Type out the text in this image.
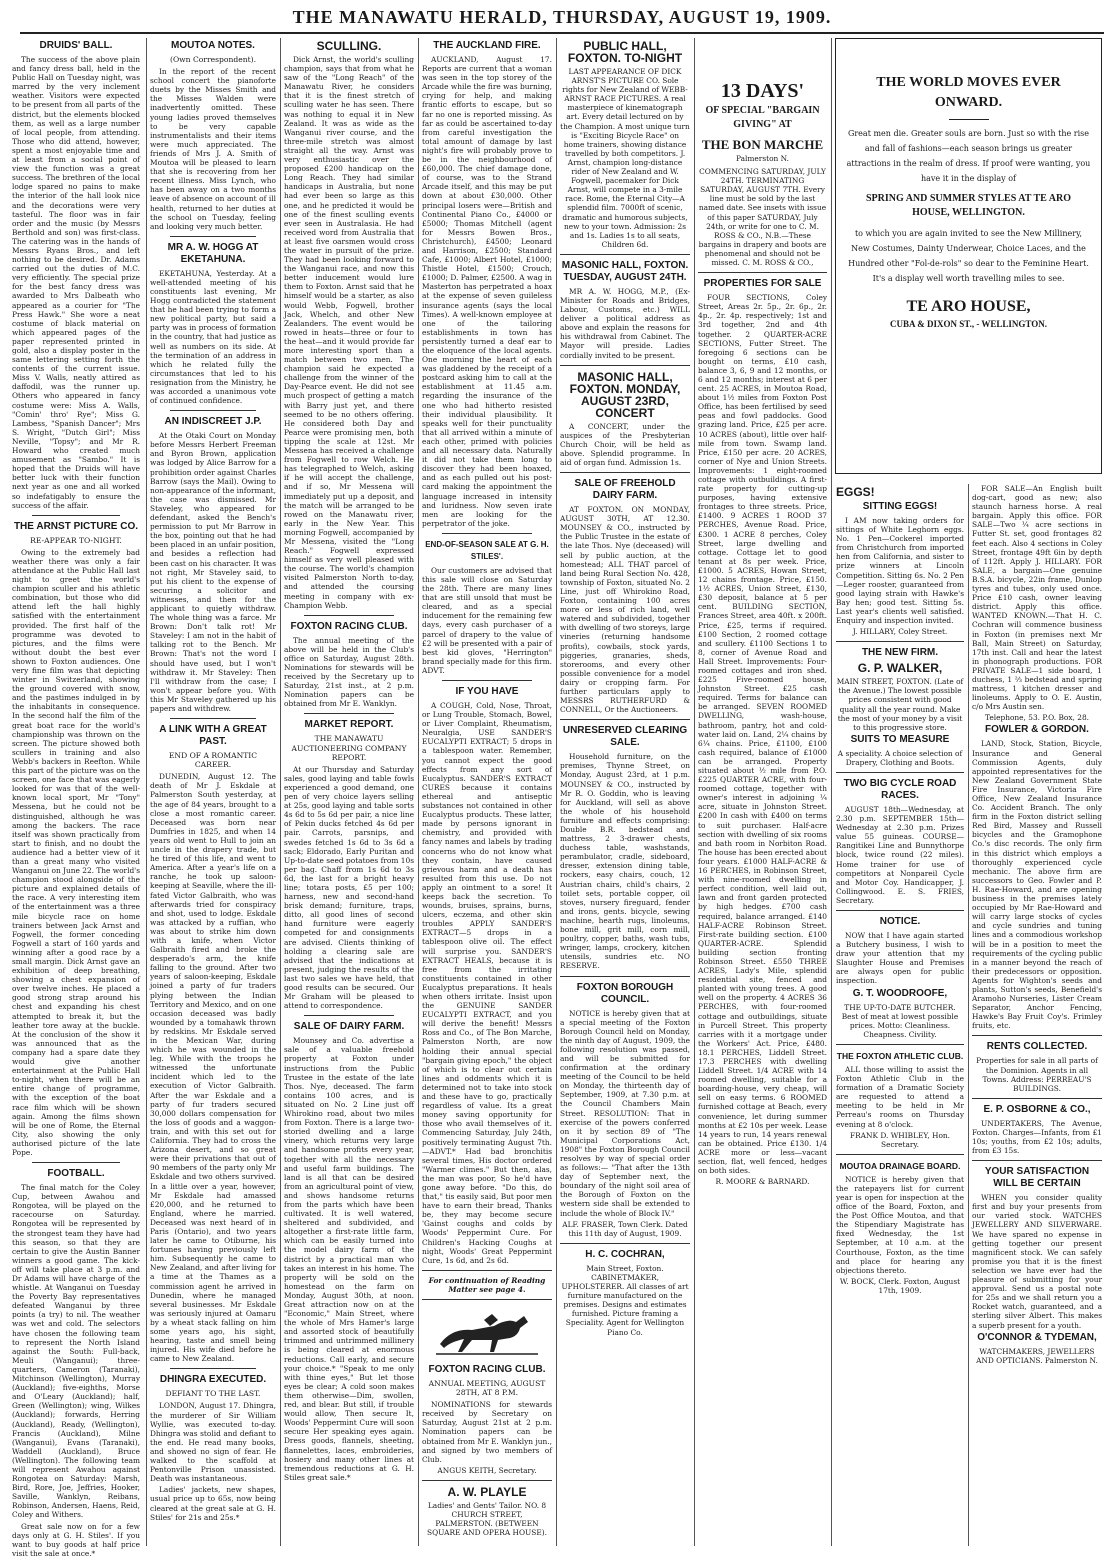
THE MANAWATU HERALD, THURSDAY, AUGUST 19, 1909.
DRUIDS' BALL.

The success of the above plain and fancy dress ball, held in the Public Hall on Tuesday night, was marred by the very inclement weather. Visitors were expected to be present from all parts of the district, but the elements blocked them, as well as a large number of local people, from attending. Those who did attend, however, spent a most enjoyable time and at least from a social point of view the function was a great success. The brethren of the local lodge spared no pains to make the interior of the hall look nice and the decorations were very tasteful. The floor was in fair order and the music (by Messrs Berthold and son) was first-class. The catering was in the hands of Messrs Ryans Bros., and left nothing to be desired. Dr. Adams carried out the duties of M.C. very efficiently. The special prize for the best fancy dress was awarded to Mrs Dalbeath who appeared as a courier for "The Press Hawk." She wore a neat costume of black material on which appeared pages of the paper represented printed in gold, also a display poster in the same lettering setting forth the contents of the current issue. Miss V. Walls, neatly attired as daffodil, was the runner up. Others who appeared in fancy costume were: Miss A. Walls, "Comin' thro' Rye"; Miss G. Lambess, "Spanish Dancer"; Mrs S. Wright, "Dutch Girl"; Miss Neville, "Topsy"; and Mr R. Howard who created much amusement as "Sambo." It is hoped that the Druids will have better luck with their function next year as one and all worked so indefatigably to ensure the success of the affair.

THE ARNST PICTURE CO.
RE-APPEAR TO-NIGHT.

Owing to the extremely bad weather there was only a fair attendance at the Public Hall last night to greet the world's champion sculler and his athletic combination, but those who did attend left the hall highly satisfied with the entertainment provided. The first half of the programme was devoted to pictures, and the films were without doubt the best ever shown to Foxton audiences. One very fine film was that depicting winter in Switzerland, showing the ground covered with snow, and the pastimes indulged in by the inhabitants in consequence. In the second half the film of the great boat race for the world's championship was thrown on the screen. The picture showed both scullers in training and also Webb's backers in Reefton. While this part of the picture was on the screen, one face that was eagerly looked for was that of the well-known local sport, Mr "Tony" Messena, but he could not be distinguished, although he was among the backers. The race itself was shown practically from start to finish, and no doubt the audience had a better view of it than a great many who visited Wanganui on June 22. The world's champion stood alongside of the picture and explained details of the race. A very interesting item of the entertainment was a three mile bicycle race on home trainers between Jack Arnst and Fogwell, the former conceding Fogwell a start of 160 yards and winning after a good race by a small margin. Dick Arnst gave an exhibition of deep breathing, showing a chest expansion of over twelve inches. He placed a good strong strap around his chest and expanding his chest attempted to break it, but the leather tore away at the buckle. At the conclusion of the show it was announced that as the company had a spare date they would give another entertainment at the Public Hall to-night, when there will be an entire change of programme, with the exception of the boat race film which will be shown again. Among the films shown will be one of Rome, the Eternal City, also showing the only authorised picture of the late Pope.

FOOTBALL.

The final match for the Coley Cup, between Awahou and Rongotea, will be played on the racecourse on Saturday. Rongotea will be represented by the strongest team they have had this season, so that they are certain to give the Austin Banner winners a good game. The kick-off will take place at 3 p.m. and Dr Adams will have charge of the whistle. At Wanganui on Tuesday the Poverty Bay representatives defeated Wanganui by three points (a try) to nil. The weather was wet and cold. The selectors have chosen the following team to represent the North Island against the South: Full-back, Meuli (Wanganui); three-quarters, Cameron (Taranaki), Mitchinson (Wellington), Murray (Auckland); five-eighths, Morse and O'Leary (Auckland); half, Green (Wellington); wing, Wilkes (Auckland); forwards, Herring (Auckland), Ready, (Wellington), Francis (Auckland), Milne (Wanganui), Evans (Taranaki), Waddell (Auckland), Bruce (Wellington). The following team will represent Awahou against Rongotea on Saturday: Marsh, Bird, Rore, Joe, Jeffries, Hooker, Saville, Wanklyn, Reibans, Robinson, Andersen, Haens, Reid, Coley and Withers.

Great sale now on for a few days only at G. H. Stiles'. If you want to buy goods at half price visit the sale at once.*

MOUTOA NOTES.
(Own Correspondent).

In the report of the recent school concert the pianoforte duets by the Misses Smith and the Misses Walden were inadvertently omitted. These young ladies proved themselves to be very capable instrumentalists and their items were much appreciated. The friends of Mrs J. A. Smith of Moutoa will be pleased to learn that she is recovering from her recent illness. Miss Lynch, who has been away on a two months leave of absence on account of ill health, returned to her duties at the school on Tuesday, feeling and looking very much better.

MR A. W. HOGG AT EKETAHUNA.

EKETAHUNA, Yesterday. At a well-attended meeting of his constituents last evening, Mr Hogg contradicted the statement that he had been trying to form a new political party, but said a party was in process of formation in the country, that had justice as well as numbers on its side. At the termination of an address in which he related fully the circumstances that led to his resignation from the Ministry, he was accorded a unanimous vote of continued confidence.

AN INDISCREET J.P.

At the Otaki Court on Monday before Messrs Herbert Freeman and Byron Brown, application was lodged by Alice Barrow for a prohibition order against Charles Barrow (says the Mail). Owing to non-appearance of the informant, the case was dismissed. Mr Staveley, who appeared for defendant, asked the Bench's permission to put Mr Barrow in the box, pointing out that he had been placed in an unfair position, and besides a reflection had been cast on his character. It was not right, Mr Staveley said, to put his client to the expense of securing a solicitor and witnesses, and then for the applicant to quietly withdraw. The whole thing was a farce. Mr Brown: Don't talk rot! Mr Staveley: I am not in the habit of talking rot to the Bench. Mr Brown: That's not the word I should have used, but I won't withdraw it. Mr Staveley: Then I'll withdraw from the case; I won't appear before you. With this Mr Staveley gathered up his papers and withdrew.

A LINK WITH A GREAT PAST.
END OF A ROMANTIC CAREER.

DUNEDIN, August 12. The death of Mr J. Eskdale at Palmerston South yesterday, at the age of 84 years, brought to a close a most romantic career. Deceased was born near Dumfries in 1825, and when 14 years old went to Hull to join an uncle in the drapery trade, but he tired of this life, and went to America. After a year's life on a ranche, he took up saloon-keeping at Seaville, where the ill-fated Victor Galbraith, who was afterwards tried for conspiracy and shot, used to lodge. Eskdale was attacked by a ruffian, who was about to strike him down with a knife, when Victor Galbraith fired and broke the desperado's arm, the knife falling to the ground. After two years of saloon-keeping, Eskdale joined a party of fur traders plying between the Indian Territory and Mexico, and on one occasion deceased was badly wounded by a tomahawk thrown by redskins. Mr Eskdale served in the Mexican War, during which he was wounded in the leg. While with the troops he witnessed the unfortunate incident which led to the execution of Victor Galbraith. After the war Eskdale and a party of fur traders secured 30,000 dollars compensation for the loss of goods and a waggon-train, and with this set out for California. They had to cross the Arizona desert, and so great were their privations that out of 90 members of the party only Mr Eskdale and two others survived. In a little over a year, however, Mr Eskdale had amassed £20,000, and he returned to England, where he married. Deceased was next heard of in Paris (Ontario), and two years later he came to Otiburne, his fortunes having previously left him. Subsequently he came to New Zealand, and after living for a time at the Thames as a commission agent he arrived in Dunedin, where he managed several businesses. Mr Eskdale was seriously injured at Oamaru by a wheat stack falling on him some years ago, his sight, hearing, taste and smell being injured. His wife died before he came to New Zealand.

DHINGRA EXECUTED.
DEFIANT TO THE LAST.

LONDON, August 17. Dhingra, the murderer of Sir William Wyllie, was executed to-day. Dhingra was stolid and defiant to the end. He read many books, and showed no sign of fear. He walked to the scaffold at Pentonville Prison unassisted. Death was instantaneous.

Ladies' jackets, new shapes, usual price up to 65s, now being cleared at the great sale at G. H. Stiles' for 21s and 25s.*

SCULLING.

Dick Arnst, the world's sculling champion, says that from what he saw of the "Long Reach" of the Manawatu River, he considers that it is the finest stretch of sculling water he has seen. There was nothing to equal it in New Zealand. It was as wide as the Wanganui river course, and the three-mile stretch was almost straight all the way. Arnst was very enthusiastic over the proposed £200 handicap on the Long Reach. They had similar handicaps in Australia, but none had ever been so large as this one, and he predicted it would be one of the finest sculling events ever seen in Australasia. He had received word from Australia that at least five oarsmen would cross the water in pursuit of the prize. They had been looking forward to the Wanganui race, and now this better inducement would lure them to Foxton. Arnst said that he himself would be a starter, as also would Webb, Fogwell, brother Jack, Whelch, and other New Zealanders. The event would be rowed in heats—three or four to the heat—and it would provide far more interesting sport than a match between two men. The champion said he expected a challenge from the winner of the Day-Pearce event. He did not see much prospect of getting a match with Barry just yet, and there seemed to be no others offering. He considered both Day and Pearce were promising men, both tipping the scale at 12st. Mr Messena has received a challenge from Fogwell to row Welch. He has telegraphed to Welch, asking if he will accept the challenge, and if so, Mr Messena will immediately put up a deposit, and the match will be arranged to be rowed on the Manawatu river, early in the New Year. This morning Fogwell, accompanied by Mr Messena, visited the "Long Reach." Fogwell expressed himself as very well pleased with the course. The world's champion visited Palmerston North to-day, and attended the coursing meeting in company with ex-Champion Webb.

FOXTON RACING CLUB.

The annual meeting of the above will be held in the Club's office on Saturday, August 28th. Nominations for stewards will be received by the Secretary up to Saturday, 21st inst., at 2 p.m. Nomination papers can be obtained from Mr E. Wanklyn.

MARKET REPORT.
THE MANAWATU AUCTIONEERING COMPANY REPORT.

At our Thursday and Saturday sales, good laying and table fowls experienced a good demand, one pen of very choice layers selling at 25s, good laying and table sorts 4s 6d to 5s 6d per pair, a nice line of Pekin ducks fetched 4s 6d per pair. Carrots, parsnips, and swedes fetched 1s 6d to 3s 6d a sack; Eldorado, Early Puritan and Up-to-date seed potatoes from 10s per bag. Chaff from 1s 6d to 3s 6d, the last for a bright heavy line; totara posts, £5 per 100; harness, new and second-hand brisk demand; furniture, traps, ditto, all good lines of second hand furniture were eagerly competed for and consignments are advised. Clients thinking of holding a clearing sale are advised that the indications at present, judging the results of the last two sales we have held, that good results can be secured. Our Mr Graham will be pleased to attend to correspondence.

SALE OF DAIRY FARM.

Mounsey and Co. advertise a sale of a valuable freehold property at Foxton under instructions from the Public Trustee in the estate of the late Thos. Nye, deceased. The farm contains 100 acres, and is situated on No. 2 Line just off Whirokino road, about two miles from Foxton. There is a large two-storied dwelling and a large vinery, which returns very large and handsome profits every year, together with all the necessary and useful farm buildings. The land is all that can be desired from an agricultural point of view, and shows handsome returns from the parts which have been cultivated. It is well watered, sheltered and subdivided, and altogether a first-rate little farm, which can be easily turned into the model dairy farm of the district by a practical man who takes an interest in his home. The property will be sold on the homestead on the farm on Monday, August 30th, at noon. Great attraction now on at the "Economic," Main Street, where the whole of Mrs Hamer's large and assorted stock of beautifully trimmed and untrimmed millinery is being cleared at enormous reductions. Call early, and secure your choice.* "Speak to me only with thine eyes," But let those eyes be clear; A cold soon makes them otherwise—Dim, swollen, red, and blear. But still, if trouble would allow, Then secure It, Woods' Peppermint Cure will soon secure Her speaking eyes again. Dress goods, flannels, sheeting, flannelettes, laces, embroideries, hosiery and many other lines at tremendous reductions at G. H. Stiles great sale.*

THE AUCKLAND FIRE.

AUCKLAND, August 17. Reports are current that a woman was seen in the top storey of the Arcade while the fire was burning, crying for help, and making frantic efforts to escape, but so far no one is reported missing. As far as could be ascertained to-day from careful investigation the total amount of damage by last night's fire will probably prove to be in the neighbourhood of £60,000. The chief damage done, of course, was to the Strand Arcade itself, and this may be put down at about £30,000. Other principal losers were—British and Continental Piano Co., £4000 or £5000; Thomas Mitchell (agent for Messrs Bowen Bros., Christchurch), £4500; Leonard and Harrison, £2500; Standard Cafe, £1000; Albert Hotel, £1000; Thistle Hotel, £1500; Crouch, £1000; D. Palmer, £2500. A wag in Masterton has perpetrated a hoax at the expense of seven guileless insurance agents (says the local Times). A well-known employee at one of the tailoring establishments in town has persistently turned a deaf ear to the eloquence of the local agents. One morning the heart of each was gladdened by the receipt of a postcard asking him to call at the establishment at 11.45 a.m. regarding the insurance of the one who had hitherto resisted their individual plausibility. It speaks well for their punctuality that all arrived within a minute of each other, primed with policies and all necessary data. Naturally it did not take them long to discover they had been hoaxed, and as each pulled out his post-card making the appointment the language increased in intensity and luridness. Now seven irate men are looking for the perpetrator of the joke.

END-OF-SEASON SALE AT G. H. STILES'.

Our customers are advised that this sale will close on Saturday the 28th. There are many lines that are still unsold that must be cleared, and as a special inducement for the remaining few days, every cash purchaser of a parcel of drapery to the value of £2 will be presented with a pair of best kid gloves, "Herrington" brand specially made for this firm. ADVT.

IF YOU HAVE

A COUGH, Cold, Nose, Throat, or Lung Trouble, Stomach, Bowel, or Liver Complaint, Rheumatism, Neuralgia, USE SANDER'S EUCALYPTI EXTRACT; 5 drops in a tablespoon water. Remember, you cannot expect the good effects from any sort of Eucalyptus. SANDER'S EXTRACT CURES because it contains ethereal and antiseptic substances not contained in other Eucalyptus products. These latter, made by persons ignorant in chemistry, and provided with fancy names and labels by trading concerns who do not know what they contain, have caused grievous harm and a death has resulted from this use. Do not apply an ointment to a sore! It keeps back the secretion. To wounds, bruises, sprains, burns, ulcers, eczema, and other skin troubles APPLY SANDER'S EXTRACT—5 drops in a tablespoon olive oil. The effect will surprise you. SANDER'S EXTRACT HEALS, because it is free from the irritating constituents contained in other Eucalyptus preparations. It heals when others irritate. Insist upon the GENUINE SANDER EUCALYPTI EXTRACT, and you will derive the benefit! Messrs Ross and Co., of The Bon Marche, Palmerston North, are now holding their annual special "bargain giving epoch," the object of which is to clear out certain lines and oddments which it is determined not to take into stock and these have to go, practically regardless of value. Its a great money saving opportunity for those who avail themselves of it. Commencing Saturday, July 24th, positively terminating August 7th.—ADVT.* Had bad bronchitis several times, His doctor ordered "Warmer climes." But then, alas, the man was poor, So he'd have gone away before. "Do this, do that," tis easily said, But poor men have to earn their bread, Thanks be, they may become secure 'Gainst coughs and colds by Woods' Peppermint Cure. For Children's Hacking Coughs at night, Woods' Great Peppermint Cure, 1s 6d, and 2s 6d.

For continuation of Reading Matter see page 4.
FOXTON RACING CLUB.
ANNUAL MEETING, AUGUST 28TH, AT 8 P.M.

NOMINATIONS for stewards received by Secretary on Saturday, August 21st at 2 p.m. Nomination papers can be obtained from Mr E. Wanklyn jun., and signed by two members of Club.

ANGUS KEITH, Secretary.
A. W. PLAYLE
Ladies' and Gents' Tailor. NO. 8 CHURCH STREET, PALMERSTON. (BETWEEN SQUARE AND OPERA HOUSE).
PUBLIC HALL, FOXTON. TO-NIGHT

LAST APPEARANCE OF DICK ARNST'S PICTURE CO. Sole rights for New Zealand of WEBB-ARNST RACE PICTURES. A real masterpiece of kinematograph art. Every detail lectured on by the Champion. A most unique turn is "Exciting Bicycle Race" on home trainers, showing distance travelled by both competitors. J. Arnst, champion long-distance rider of New Zealand and W. Fogwell, pacemaker for Dick Arnst, will compete in a 3-mile race. Rome, the Eternal City—A splendid film. 7000ft of scenic, dramatic and humorous subjects, new to your town. Admission: 2s and 1s. Ladies 1s to all seats, Children 6d.

MASONIC HALL, FOXTON. TUESDAY, AUGUST 24TH.

MR A. W. HOGG, M.P., (Ex-Minister for Roads and Bridges, Labour, Customs, etc.) WILL deliver a political address as above and explain the reasons for his withdrawal from Cabinet. The Mayor will preside. Ladies cordially invited to be present.

MASONIC HALL, FOXTON. MONDAY, AUGUST 23RD, CONCERT

A CONCERT, under the auspices of the Presbyterian Church Choir, will be held as above. Splendid programme. In aid of organ fund. Admission 1s.

SALE OF FREEHOLD DAIRY FARM.

AT FOXTON. ON MONDAY, AUGUST 30TH, AT 12.30. MOUNSEY & CO., instructed by the Public Trustee in the estate of the late Thos. Nye (deceased) will sell by public auction, at the homestead; ALL THAT parcel of land being Rural Section No. 428, township of Foxton, situated No. 2 Line, just off Whirokino Road, Foxton, containing 100 acres more or less of rich land, well watered and subdivided, together with dwelling of two storeys, large vineries (returning handsome profits), cowbails, stock yards, piggeries, granaries, sheds, storerooms, and every other possible convenience for a model dairy or cropping farm. For further particulars apply to MESSRS RUTHERFURD & CONNELL, Or the Auctioneers.

UNRESERVED CLEARING SALE.

Household furniture, on the premises, Thynne Street, on Monday, August 23rd, at 1 p.m. MOUNSEY & CO., instructed by Mr R. O. Goddin, who is leaving for Auckland, will sell as above the whole of his household furniture and effects comprising: Double B.R. bedstead and mattress, 2 3-drawer chests, duchess table, washstands, perambulator, cradle, sideboard, dresser, extension dining table, rockers, easy chairs, couch, 12 Austrian chairs, child's chairs, 2 toilet sets, portable copper, oil stoves, nursery fireguard, fender and irons, gents. bicycle, sewing machine, hearth rugs, linoleums, bone mill, grit mill, corn mill, poultry, copper, baths, wash tubs, wringer, lamps, crockery, kitchen utensils, sundries etc. NO RESERVE.

FOXTON BOROUGH COUNCIL.

NOTICE is hereby given that at a special meeting of the Foxton Borough Council held on Monday, the ninth day of August, 1909, the following resolution was passed, and will be submitted for confirmation at the ordinary meeting of the Council to be held on Monday, the thirteenth day of September, 1909, at 7.30 p.m. at the Council Chambers Main Street. RESOLUTION: That in exercise of the powers conferred on it by section 89 of "The Municipal Corporations Act, 1908" the Foxton Borough Council resolves by way of special order as follows:— "That after the 13th day of September next, the boundary of the night soil area of the Borough of Foxton on the western side shall be extended to include the whole of Block IV."

ALF. FRASER, Town Clerk. Dated this 11th day of August, 1909.
H. C. COCHRAN,

Main Street, Foxton. CABINETMAKER, UPHOLSTERER. All classes of art furniture manufactured on the premises. Designs and estimates furnished. Picture framing a Speciality. Agent for Wellington Piano Co.

13 DAYS'
OF SPECIAL "BARGAIN GIVING" AT
THE BON MARCHE
Palmerston N.

COMMENCING SATURDAY, JULY 24TH. TERMINATING SATURDAY, AUGUST 7TH. Every line must be sold by the last named date. See insets with issue of this paper SATURDAY, July 24th, or write for one to C. M. ROSS & CO., N.B.—These bargains in drapery and boots are phenomenal and should not be missed. C. M. ROSS & CO.,

PROPERTIES FOR SALE

FOUR SECTIONS, Coley Street, Areas 2r. 5p., 2r. 6p., 2r. 4p., 2r. 4p. respectively; 1st and 3rd together, 2nd and 4th together. 2 QUARTER-ACRE SECTIONS, Futter Street. The foregoing 6 sections can be bought on terms, £10 cash, balance 3, 6, 9 and 12 months, or 6 and 12 months; interest at 6 per cent. 25 ACRES, in Moutoa Road, about 1½ miles from Foxton Post Office, has been fertilised by seed peas and fowl paddocks. Good grazing land. Price, £25 per acre. 10 ACRES (about), little over half-mile from town. Swamp land. Price, £150 per acre. 20 ACRES, corner of Nye and Union Streets. Improvements: 1 eight-roomed cottage with outbuildings. A first-rate property for cutting-up purposes, having extensive frontages to three streets. Price, £1400. 9 ACRES 1 ROOD 37 PERCHES, Avenue Road. Price, £300. 1 ACRE 8 perches, Coley Street, large dwelling and cottage. Cottage let to good tenant at 8s per week. Price, £1000. 5 ACRES, Howan Street, 12 chains frontage. Price, £150. 1½ ACRES, Union Street, £130, £30 deposit, balance at 5 per cent. BUILDING SECTION, Frances Street, area 40ft. x 200ft. Price, £25, terms if required. £100 Section, 2 roomed cottage and scullery. £1100 Sections 1 to 8, corner of Avenue Road and Hall Street. Improvements: Four-roomed cottages and iron shed. £225 Five-roomed house, Johnston Street. £25 cash required. Terms for balance can be arranged. SEVEN ROOMED DWELLING, wash-house, bathroom, pantry, hot and cold-water laid on. Land, 2¼ chains by 6¼ chains. Price, £1100, £100 cash required, balance of £1000 can be arranged. Property situated about ½ mile from P.O. £225 QUARTER ACRE, with four-roomed cottage, together with owner's interest in adjoining ¼ acre, situate in Johnston Street. £200 In cash with £400 on terms to suit purchaser. Half-acre section with dwelling of six rooms and bath room in Norbiton Road. The house has been erected about four years. £1000 HALF-ACRE & 16 PERCHES, in Robinson Street, with nine-roomed dwelling in perfect condition, well laid out, lawn and front garden protected by high hedges. £700 cash required, balance arranged. £140 HALF-ACRE Robinson Street. First-rate building section. £100 QUARTER-ACRE. Splendid building section fronting Robinson Street. £550 THREE ACRES, Lady's Mile, splendid residential site, fenced and planted with young trees. A good well on the property. 4 ACRES 36 PERCHES, with four-roomed cottage and outbuildings, situate in Purcell Street. This property carries with it a mortgage under the Workers' Act. Price, £480. 18.1 PERCHES, Liddell Street. 17.3 PERCHES with dwelling Liddell Street. 1/4 ACRE with 14 roomed dwelling, suitable for a boarding-house, very cheap, will sell on easy terms. 6 ROOMED furnished cottage at Beach, every convenience, let during summer months at £2 10s per week. Lease 14 years to run, 14 years renewal can be obtained. Price £130. 1/4 ACRE more or less—vacant section, flat, well fenced, hedges on both sides.

R. MOORE & BARNARD.
THE WORLD MOVES EVER ONWARD.

Great men die. Greater souls are born. Just so with the rise and fall of fashions—each season brings us greater attractions in the realm of dress. If proof were wanting, you have it in the display of

SPRING AND SUMMER STYLES AT TE ARO HOUSE, WELLINGTON.

to which you are again invited to see the New Millinery, New Costumes, Dainty Underwear, Choice Laces, and the Hundred other "Fol-de-rols" so dear to the Feminine Heart. It's a display well worth travelling miles to see.

TE ARO HOUSE,
CUBA & DIXON ST., - WELLINGTON.
EGGS!
SITTING EGGS!

I AM now taking orders for sittings of White Leghorn eggs. No. 1 Pen—Cockerel imported from Christchurch from imported hen from California, and sister to prize winners at Lincoln Competition. Sitting 6s. No. 2 Pen—Leger rooster, guaranteed from good laying strain with Hawke's Bay hen; good test. Sitting 5s. Last year's clients well satisfied. Enquiry and inspection invited.

J. HILLARY, Coley Street.
THE NEW FIRM.
G. P. WALKER,

MAIN STREET, FOXTON. (Late of the Avenue.) The lowest possible prices consistent with good quality all the year round. Make the most of your money by a visit to this progressive store.

SUITS TO MEASURE

A speciality. A choice selection of Drapery, Clothing and Boots.

TWO BIG CYCLE ROAD RACES.

AUGUST 18th—Wednesday, at 2.30 p.m. SEPTEMBER 15th—Wednesday at 2.30 p.m. Prizes value 55 guineas. COURSE—Rangitikei Line and Bunnythorpe block, twice round (22 miles). Home trainer for use of competitors at Nonpareil Cycle and Motor Coy. Handicapper, J. Collingwood. E. S. FRIES, Secretary.

NOTICE.

NOW that I have again started a Butchery business, I wish to draw your attention that my Slaughter House and Premises are always open for public inspection.

G. T. WOODROOFE,

THE UP-TO-DATE BUTCHER. Best of meat at lowest possible prices. Motto: Cleanliness. Cheapness. Civility.

THE FOXTON ATHLETIC CLUB.

ALL those willing to assist the Foxton Athletic Club in the formation of a Dramatic Society are requested to attend a meeting to be held in Mr Perreau's rooms on Thursday evening at 8 o'clock.

FRANK D. WHIBLEY, Hon. Secretary.
MOUTOA DRAINAGE BOARD.

NOTICE is hereby given that the ratepayers list for current year is open for inspection at the office of the Board, Foxton, and the Post Office Moutoa, and that the Stipendiary Magistrate has fixed Wednesday, the 1st September, at 10 a.m. at the Courthouse, Foxton, as the time and place for hearing any objections thereto.

W. BOCK, Clerk. Foxton, August 17th, 1909.

FOR SALE—An English built dog-cart, good as new; also staunch harness horse. A real bargain. Apply this office. FOR SALE—Two ¼ acre sections in Futter St. set, good frontages 82 feet each. Also 4 sections in Coley Street, frontage 49ft 6in by depth of 112ft. Apply J. HILLARY. FOR SALE, a bargain—One genuine B.S.A. bicycle, 22in frame, Dunlop tyres and tubes, only used once. Price £10 cash, owner leaving district. Apply this office. WANTED KNOWN.—That H. C. Cochran will commence business in Foxton (in premises next Mr Ball, Main Street) on Saturday, 17th inst. Call and hear the latest in phonograph productions. FOR PRIVATE SALE—1 side board, 1 duchess, 1 ⅔ bedstead and spring mattress, 1 kitchen dresser and linoleums. Apply to O. E. Austin, c/o Mrs Austin sen.

Telephone, 53. P.O. Box, 28.
FOWLER & GORDON.

LAND, Stock, Station, Bicycle, Insurance and General Commission Agents, duly appointed representatives for the New Zealand Government State Fire Insurance, Victoria Fire Office, New Zealand Insurance Co. Accident Branch. The only firm in the Foxton district selling Red Bird, Massey and Russell bicycles and the Gramophone Co.'s disc records. The only firm in this district which employs a thoroughly experienced cycle mechanic. The above firm are successors to Geo. Fowler and P. H. Rae-Howard, and are opening business in the premises lately occupied by Mr Rae-Howard and will carry large stocks of cycles and cycle sundries and tuning lines and a commodious workshop will be in a position to meet the requirements of the cycling public in a manner beyond the reach of their predecessors or opposition. Agents for Wighton's seeds and plants, Sutton's seeds, Benefield's Aramoho Nurseries, Lister Cream Separator, Anchor Fencing, Hawke's Bay Fruit Coy's. Frimley fruits, etc.

RENTS COLLECTED.

Properties for sale in all parts of the Dominion. Agents in all Towns. Address: PERREAU'S BUILDINGS.

E. P. OSBORNE & CO.,

UNDERTAKERS, The Avenue, Foxton. Charges—Infants, from £1 10s; youths, from £2 10s; adults, from £3 15s.

YOUR SATISFACTION WILL BE CERTAIN

WHEN you consider quality first and buy your presents from our varied stock. WATCHES JEWELLERY AND SILVERWARE. We have spared no expense in getting together our present magnificent stock. We can safely promise you that it is the finest selection we have ever had the pleasure of submitting for your approval. Send us a postal note for 25s and we shall return you a Rocket watch, guaranteed, and a sterling silver Albert. This makes a superb present for a youth.

O'CONNOR & TYDEMAN,
WATCHMAKERS, JEWELLERS AND OPTICIANS. Palmerston N.
